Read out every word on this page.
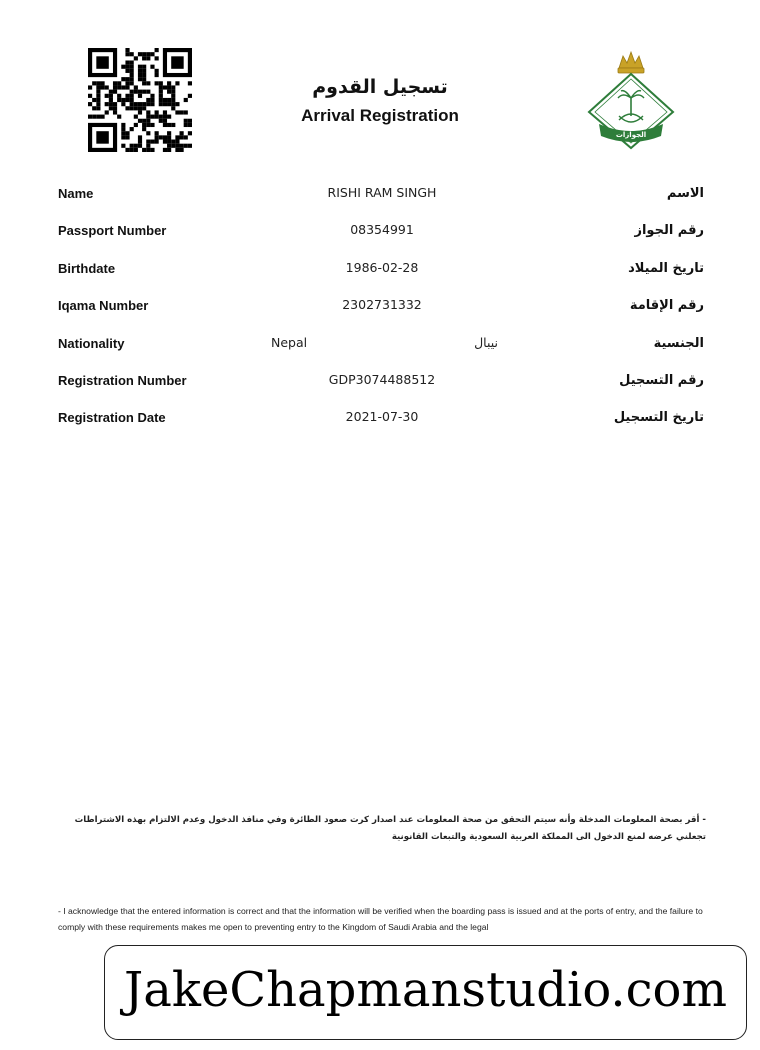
الجوازات
تسجيل القدوم
Arrival Registration
Name	RISHI RAM SINGH	الاسم
Passport Number	08354991	رقم الجواز
Birthdate	1986-02-28	تاريخ الميلاد
Iqama Number	2302731332	رقم الإقامة
Nationality	Nepal	نيبال	الجنسية
Registration Number	GDP3074488512	رقم التسجيل
Registration Date	2021-07-30	تاريخ التسجيل
- أقر بصحة المعلومات المدخلة وأنه سيتم التحقق من صحة المعلومات عند اصدار كرت صعود الطائرة وفي منافذ الدخول وعدم الالتزام بهذه الاشتراطات تجعلني عرضه لمنع الدخول الى المملكة العربية السعودية والتبعات القانونية
- I acknowledge that the entered information is correct and that the information will be verified when the boarding pass is issued and at the ports of entry, and the failure to comply with these requirements makes me open to preventing entry to the Kingdom of Saudi Arabia and the legal
JakeChapmanstudio.com
